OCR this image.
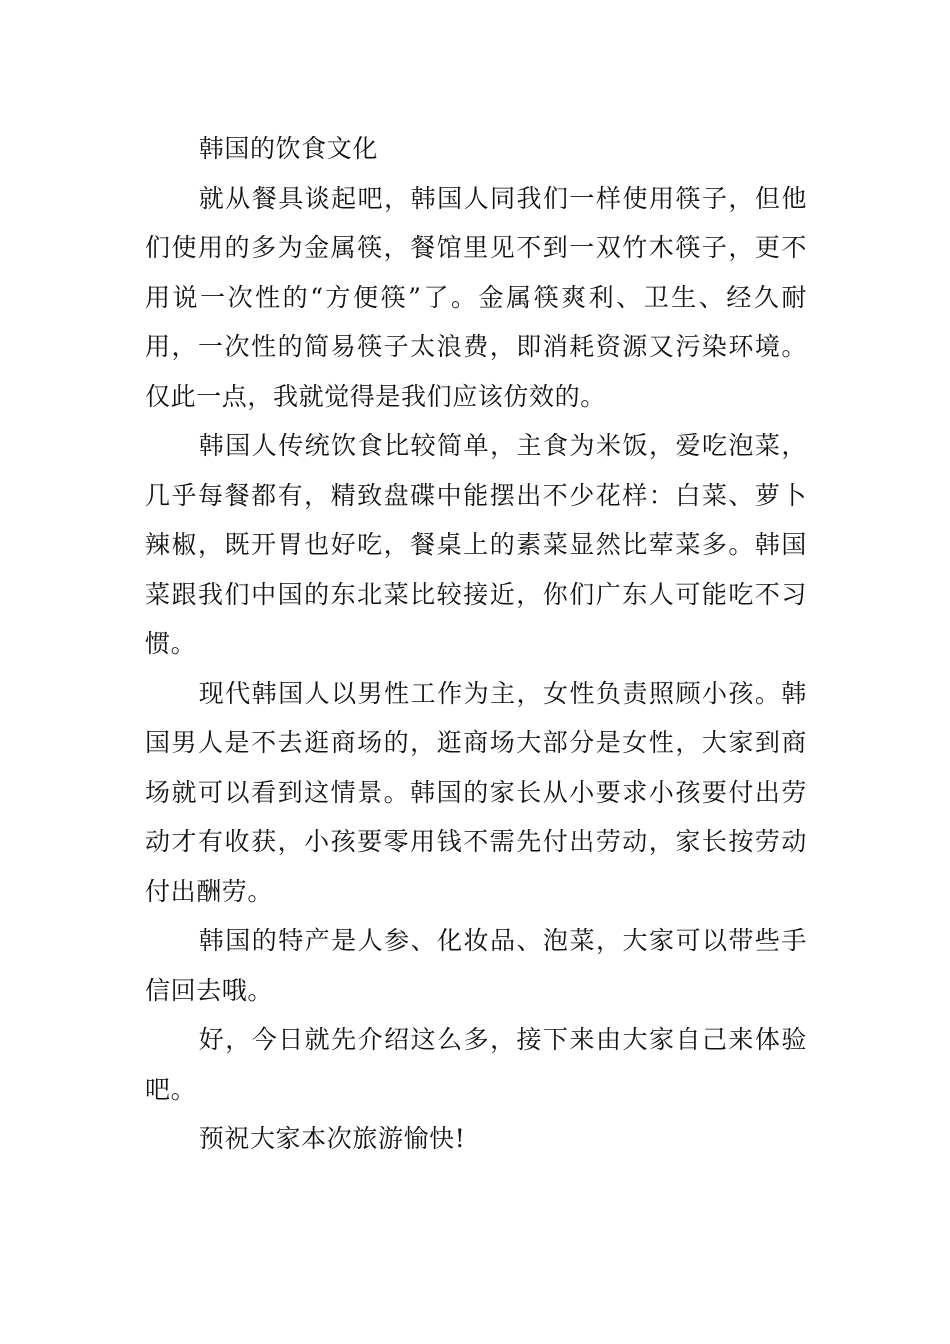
韩国的饮食文化

就从餐具谈起吧，韩国人同我们一样使用筷子，但他们使用的多为金属筷，餐馆里见不到一双竹木筷子，更不用说一次性的“方便筷”了。金属筷爽利、卫生、经久耐用，一次性的简易筷子太浪费，即消耗资源又污染环境。仅此一点，我就觉得是我们应该仿效的。

韩国人传统饮食比较简单，主食为米饭，爱吃泡菜，几乎每餐都有，精致盘碟中能摆出不少花样：白菜、萝卜辣椒，既开胃也好吃，餐桌上的素菜显然比荤菜多。韩国菜跟我们中国的东北菜比较接近，你们广东人可能吃不习惯。

现代韩国人以男性工作为主，女性负责照顾小孩。韩国男人是不去逛商场的，逛商场大部分是女性，大家到商场就可以看到这情景。韩国的家长从小要求小孩要付出劳动才有收获，小孩要零用钱不需先付出劳动，家长按劳动付出酬劳。

韩国的特产是人参、化妆品、泡菜，大家可以带些手信回去哦。

好，今日就先介绍这么多，接下来由大家自己来体验吧。

预祝大家本次旅游愉快!
